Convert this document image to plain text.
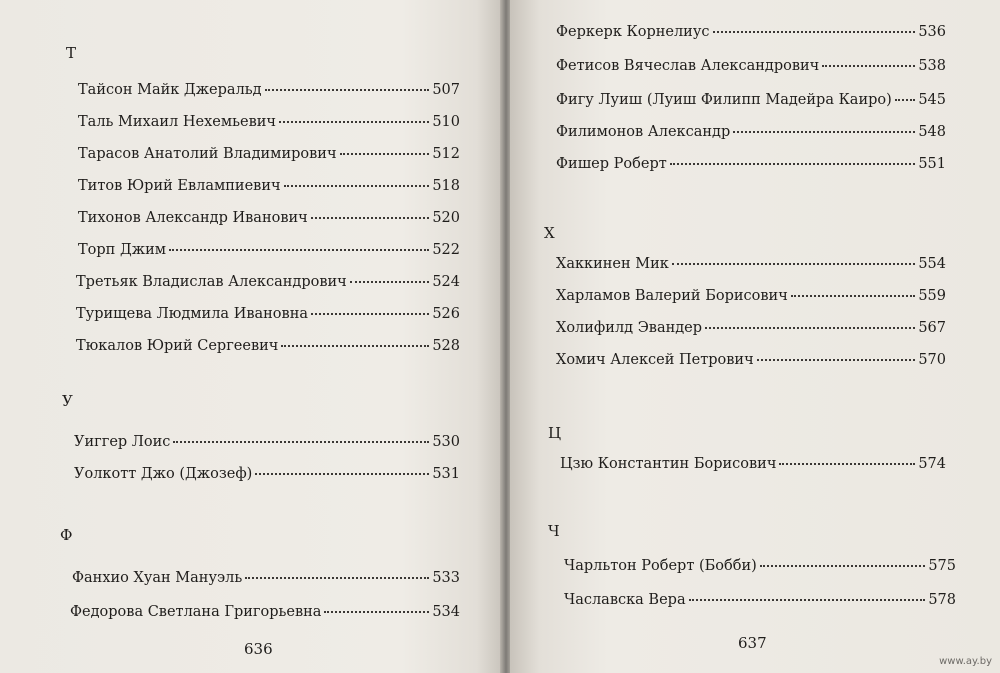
Т
Тайсон Майк Джеральд	507
Таль Михаил Нехемьевич	510
Тарасов Анатолий Владимирович	512
Титов Юрий Евлампиевич	518
Тихонов Александр Иванович	520
Торп Джим	522
Третьяк Владислав Александрович	524
Турищева Людмила Ивановна	526
Тюкалов Юрий Сергеевич	528
У
Уиггер Лоис	530
Уолкотт Джо (Джозеф)	531
Ф
Фанхио Хуан Мануэль	533
Федорова Светлана Григорьевна	534
636
Феркерк Корнелиус	536
Фетисов Вячеслав Александрович	538
Фигу Луиш (Луиш Филипп Мадейра Каиро) 545
Филимонов Александр	548
Фишер Роберт	551
Х
Хаккинен Мик	554
Харламов Валерий Борисович	559
Холифилд Эвандер	567
Хомич Алексей Петрович	570
Ц
Цзю Константин Борисович	574
Ч
Чарльтон Роберт (Бобби)	575
Чаславска Вера	578
637
www.ay.by
